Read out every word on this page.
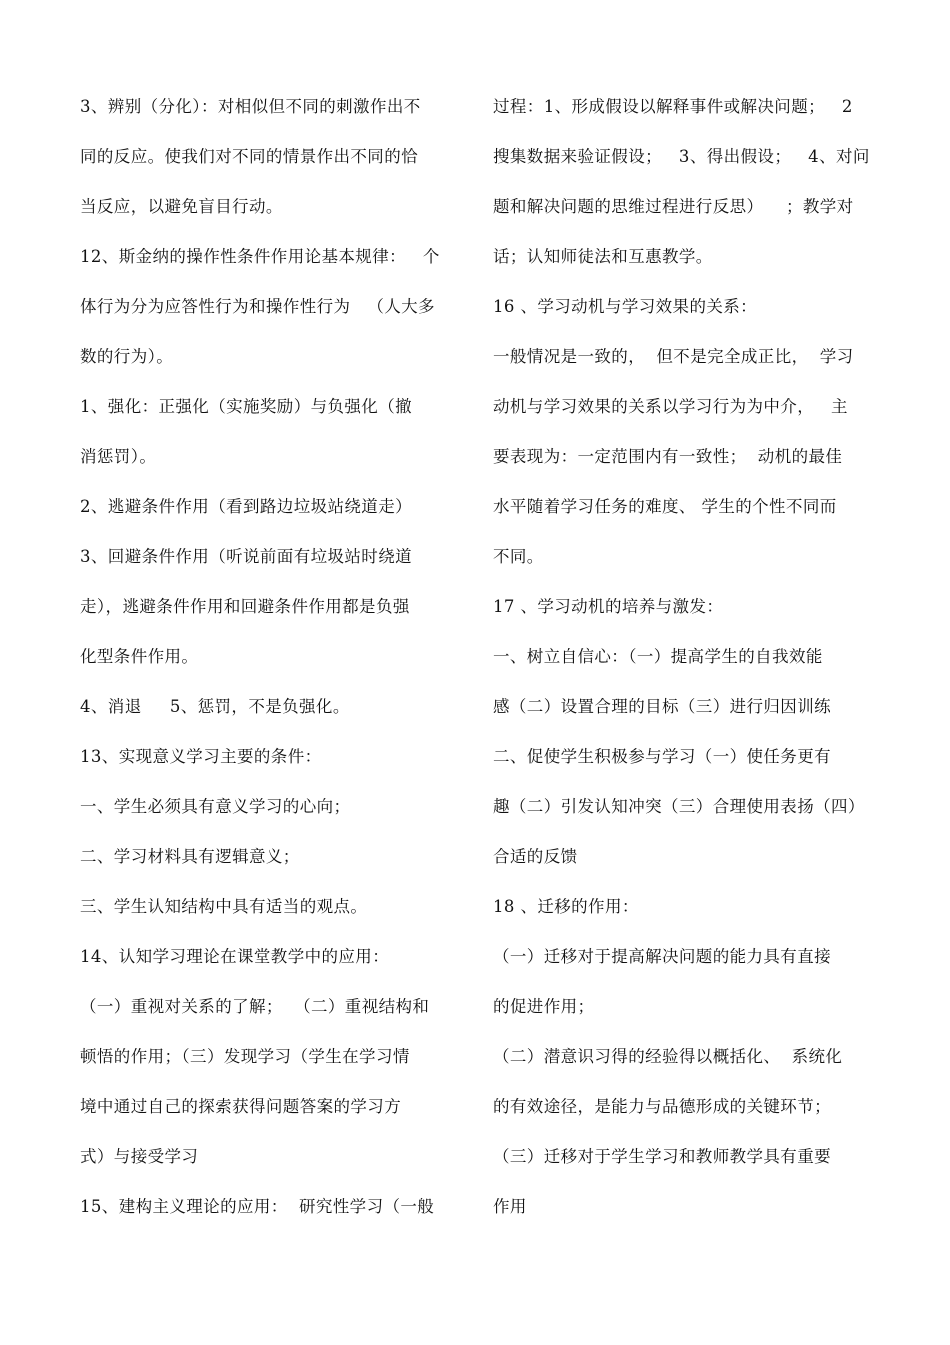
3、辨别（分化）：对相似但不同的刺激作出不
同的反应。使我们对不同的情景作出不同的恰
当反应，以避免盲目行动。
12、斯金纳的操作性条件作用论基本规律：   个
体行为分为应答性行为和操作性行为   （人大多
数的行为）。
1、强化：正强化（实施奖励）与负强化（撤
消惩罚）。
2、逃避条件作用（看到路边垃圾站绕道走）
3、回避条件作用（听说前面有垃圾站时绕道
走），逃避条件作用和回避条件作用都是负强
化型条件作用。
4、消退     5、惩罚，不是负强化。
13、实现意义学习主要的条件：
一、学生必须具有意义学习的心向；
二、学习材料具有逻辑意义；
三、学生认知结构中具有适当的观点。
14、认知学习理论在课堂教学中的应用：
（一）重视对关系的了解；  （二）重视结构和
顿悟的作用；（三）发现学习（学生在学习情
境中通过自己的探索获得问题答案的学习方
式）与接受学习
15、建构主义理论的应用：  研究性学习（一般
过程：1、形成假设以解释事件或解决问题；   2
搜集数据来验证假设；   3、得出假设；   4、对问
题和解决问题的思维过程进行反思）    ；教学对
话；认知师徒法和互惠教学。
16 、学习动机与学习效果的关系：
一般情况是一致的，  但不是完全成正比，  学习
动机与学习效果的关系以学习行为为中介，   主
要表现为：一定范围内有一致性；  动机的最佳
水平随着学习任务的难度、 学生的个性不同而
不同。
17 、学习动机的培养与激发：
一、树立自信心：（一）提高学生的自我效能
感（二）设置合理的目标（三）进行归因训练
二、促使学生积极参与学习（一）使任务更有
趣（二）引发认知冲突（三）合理使用表扬（四）
合适的反馈
18 、迁移的作用：
（一）迁移对于提高解决问题的能力具有直接
的促进作用；
（二）潜意识习得的经验得以概括化、  系统化
的有效途径，是能力与品德形成的关键环节；
（三）迁移对于学生学习和教师教学具有重要
作用
